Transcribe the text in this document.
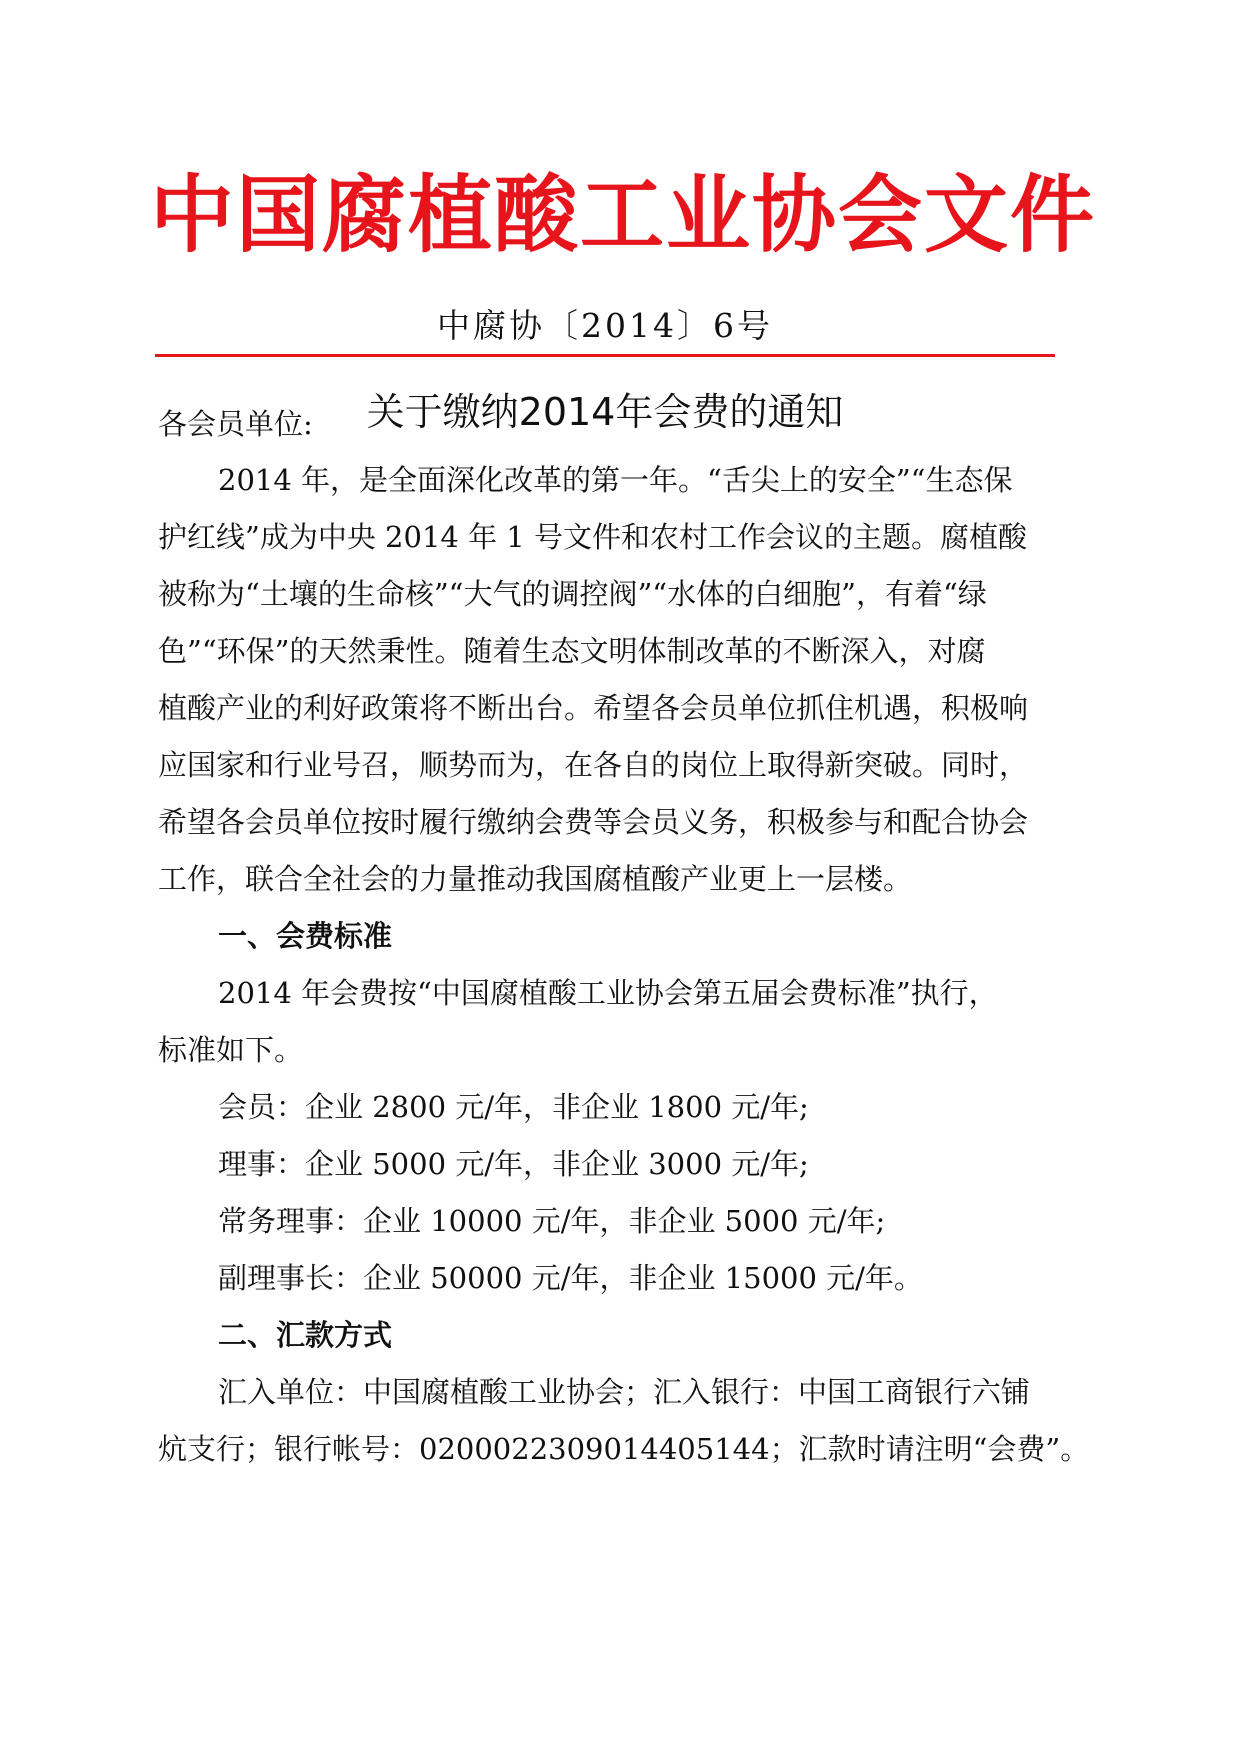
中国腐植酸工业协会文件
中腐协〔2014〕6号
关于缴纳2014年会费的通知
各会员单位:
2014 年，是全面深化改革的第一年。“舌尖上的安全”“生态保
护红线”成为中央 2014 年 1 号文件和农村工作会议的主题。腐植酸
被称为“土壤的生命核”“大气的调控阀”“水体的白细胞”，有着“绿
色”“环保”的天然秉性。随着生态文明体制改革的不断深入，对腐
植酸产业的利好政策将不断出台。希望各会员单位抓住机遇，积极响
应国家和行业号召，顺势而为，在各自的岗位上取得新突破。同时，
希望各会员单位按时履行缴纳会费等会员义务，积极参与和配合协会
工作，联合全社会的力量推动我国腐植酸产业更上一层楼。
一、会费标准
2014 年会费按“中国腐植酸工业协会第五届会费标准”执行，
标准如下。
会员：企业 2800 元/年，非企业 1800 元/年;
理事：企业 5000 元/年，非企业 3000 元/年;
常务理事：企业 10000 元/年，非企业 5000 元/年;
副理事长：企业 50000 元/年，非企业 15000 元/年。
二、汇款方式
汇入单位：中国腐植酸工业协会；汇入银行：中国工商银行六铺
炕支行；银行帐号：0200022309014405144；汇款时请注明“会费”。
